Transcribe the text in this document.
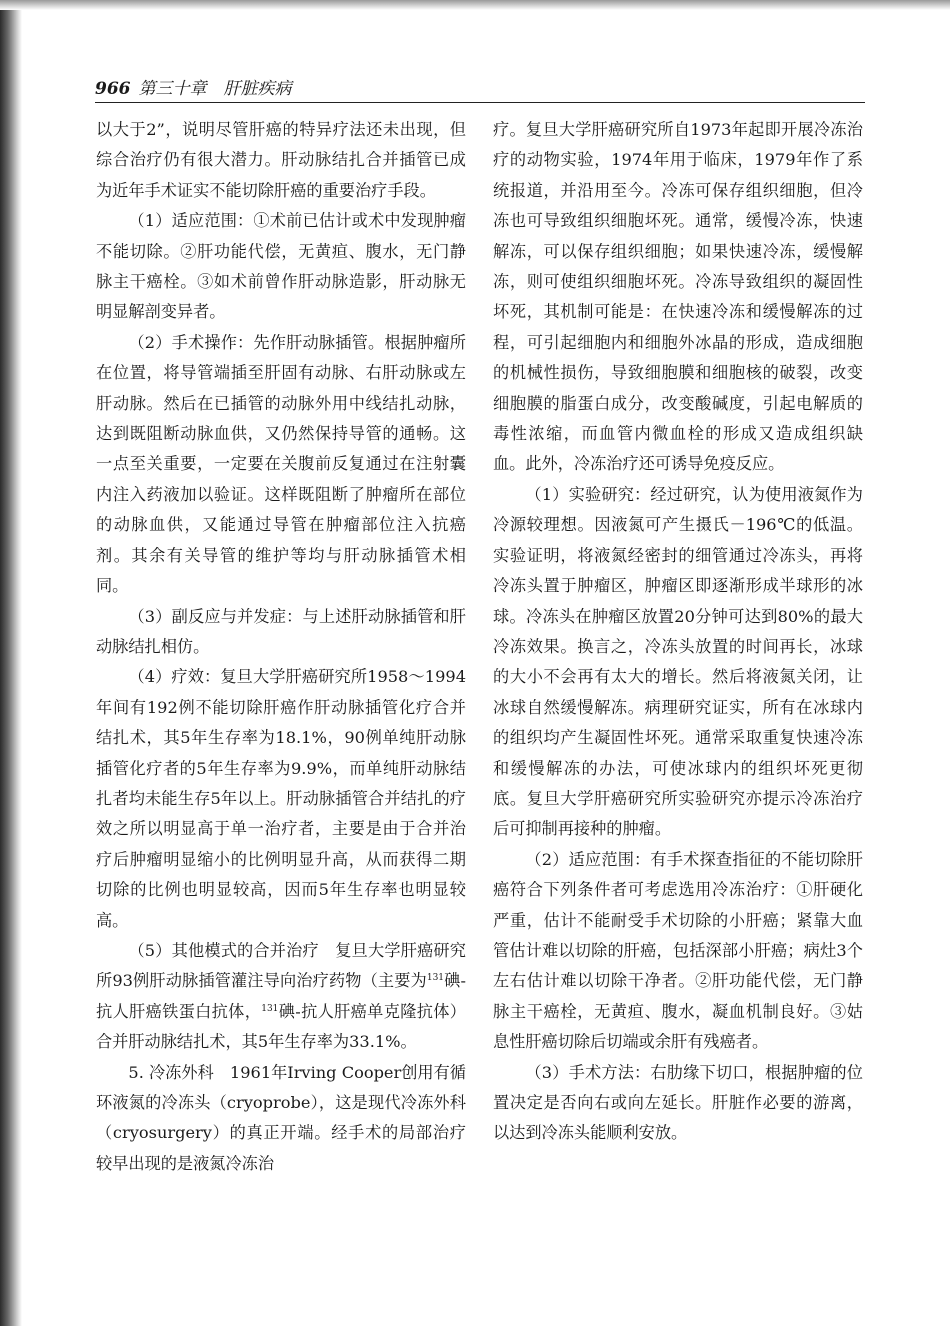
966 第三十章　肝脏疾病

以大于2”，说明尽管肝癌的特异疗法还未出现，但综合治疗仍有很大潜力。肝动脉结扎合并插管已成为近年手术证实不能切除肝癌的重要治疗手段。

（1）适应范围：①术前已估计或术中发现肿瘤不能切除。②肝功能代偿，无黄疸、腹水，无门静脉主干癌栓。③如术前曾作肝动脉造影，肝动脉无明显解剖变异者。

（2）手术操作：先作肝动脉插管。根据肿瘤所在位置，将导管端插至肝固有动脉、右肝动脉或左肝动脉。然后在已插管的动脉外用中线结扎动脉，达到既阻断动脉血供，又仍然保持导管的通畅。这一点至关重要，一定要在关腹前反复通过在注射囊内注入药液加以验证。这样既阻断了肿瘤所在部位的动脉血供，又能通过导管在肿瘤部位注入抗癌剂。其余有关导管的维护等均与肝动脉插管术相同。

（3）副反应与并发症：与上述肝动脉插管和肝动脉结扎相仿。

（4）疗效：复旦大学肝癌研究所1958～1994年间有192例不能切除肝癌作肝动脉插管化疗合并结扎术，其5年生存率为18.1%，90例单纯肝动脉插管化疗者的5年生存率为9.9%，而单纯肝动脉结扎者均未能生存5年以上。肝动脉插管合并结扎的疗效之所以明显高于单一治疗者，主要是由于合并治疗后肿瘤明显缩小的比例明显升高，从而获得二期切除的比例也明显较高，因而5年生存率也明显较高。

（5）其他模式的合并治疗　复旦大学肝癌研究所93例肝动脉插管灌注导向治疗药物（主要为$^{131}$碘-抗人肝癌铁蛋白抗体，$^{131}$碘-抗人肝癌单克隆抗体）合并肝动脉结扎术，其5年生存率为33.1%。

5. 冷冻外科　1961年Irving Cooper创用有循环液氮的冷冻头（cryoprobe），这是现代冷冻外科（cryosurgery）的真正开端。经手术的局部治疗较早出现的是液氮冷冻治

疗。复旦大学肝癌研究所自1973年起即开展冷冻治疗的动物实验，1974年用于临床，1979年作了系统报道，并沿用至今。冷冻可保存组织细胞，但冷冻也可导致组织细胞坏死。通常，缓慢冷冻，快速解冻，可以保存组织细胞；如果快速冷冻，缓慢解冻，则可使组织细胞坏死。冷冻导致组织的凝固性坏死，其机制可能是：在快速冷冻和缓慢解冻的过程，可引起细胞内和细胞外冰晶的形成，造成细胞的机械性损伤，导致细胞膜和细胞核的破裂，改变细胞膜的脂蛋白成分，改变酸碱度，引起电解质的毒性浓缩，而血管内微血栓的形成又造成组织缺血。此外，冷冻治疗还可诱导免疫反应。

（1）实验研究：经过研究，认为使用液氮作为冷源较理想。因液氮可产生摄氏－196℃的低温。实验证明，将液氮经密封的细管通过冷冻头，再将冷冻头置于肿瘤区，肿瘤区即逐渐形成半球形的冰球。冷冻头在肿瘤区放置20分钟可达到80%的最大冷冻效果。换言之，冷冻头放置的时间再长，冰球的大小不会再有太大的增长。然后将液氮关闭，让冰球自然缓慢解冻。病理研究证实，所有在冰球内的组织均产生凝固性坏死。通常采取重复快速冷冻和缓慢解冻的办法，可使冰球内的组织坏死更彻底。复旦大学肝癌研究所实验研究亦提示冷冻治疗后可抑制再接种的肿瘤。

（2）适应范围：有手术探查指征的不能切除肝癌符合下列条件者可考虑选用冷冻治疗：①肝硬化严重，估计不能耐受手术切除的小肝癌；紧靠大血管估计难以切除的肝癌，包括深部小肝癌；病灶3个左右估计难以切除干净者。②肝功能代偿，无门静脉主干癌栓，无黄疸、腹水，凝血机制良好。③姑息性肝癌切除后切端或余肝有残癌者。

（3）手术方法：右肋缘下切口，根据肿瘤的位置决定是否向右或向左延长。肝脏作必要的游离，以达到冷冻头能顺利安放。
